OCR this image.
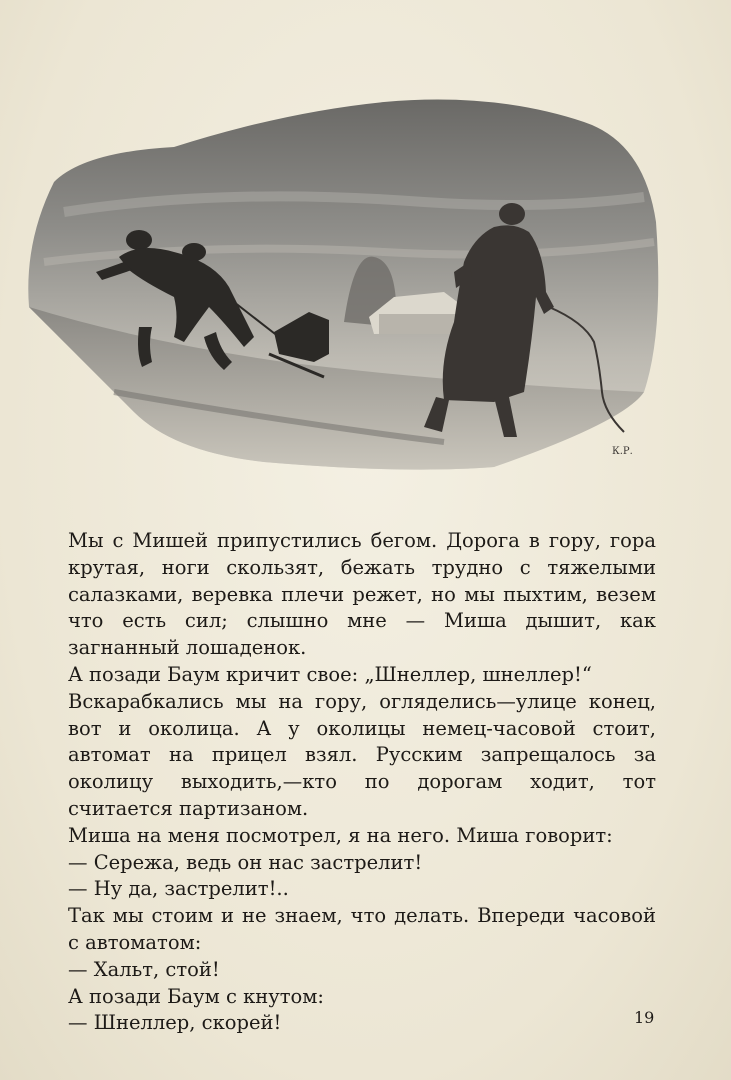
К.Р.

Мы с Мишей припустились бегом. Дорога в гору, гора крутая, ноги скользят, бежать трудно с тяжелыми салазками, веревка плечи режет, но мы пыхтим, везем что есть сил; слышно мне — Миша дышит, как загнанный лошаденок.

А позади Баум кричит свое: „Шнеллер, шнеллер!“

Вскарабкались мы на гору, огляделись—улице конец, вот и околица. А у околицы немец-часовой стоит, автомат на прицел взял. Русским запрещалось за околицу выходить,—кто по дорогам ходит, тот считается партизаном.

Миша на меня посмотрел, я на него. Миша говорит:

— Сережа, ведь он нас застрелит!

— Ну да, застрелит!..

Так мы стоим и не знаем, что делать. Впереди часовой с автоматом:

— Хальт, стой!

А позади Баум с кнутом:

— Шнеллер, скорей!	19
